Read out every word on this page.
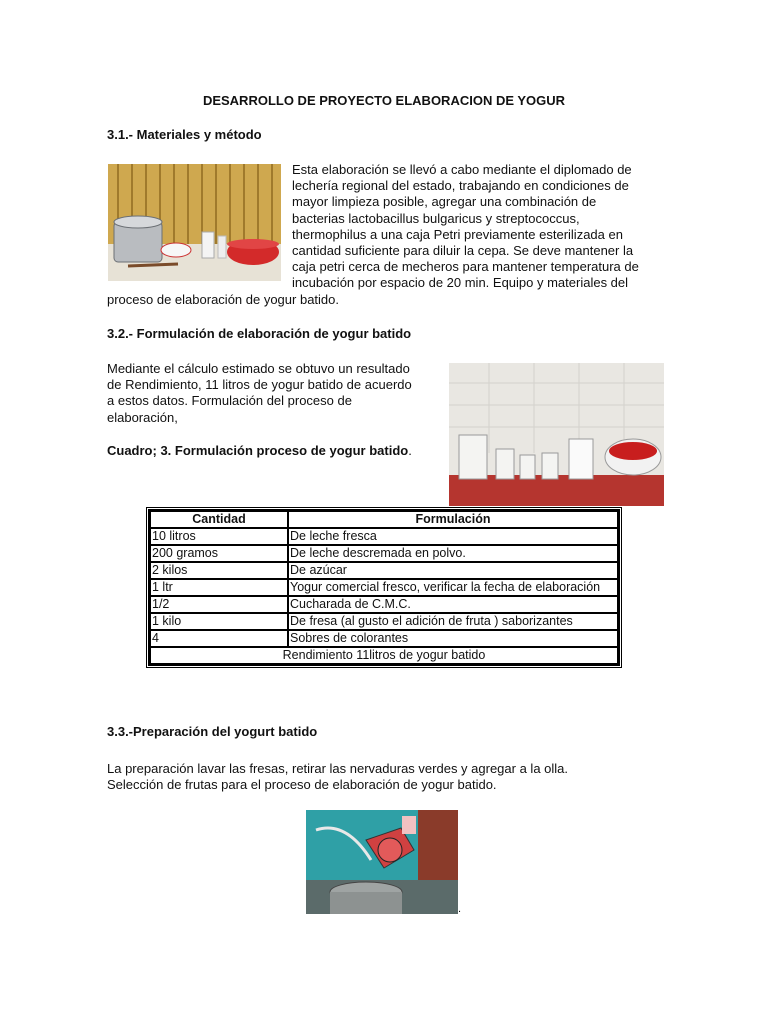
DESARROLLO DE PROYECTO ELABORACION DE YOGUR
3.1.- Materiales y método
Esta elaboración se llevó a cabo mediante el diplomado de
lechería regional del estado, trabajando en condiciones de
mayor limpieza posible, agregar una combinación de
bacterias lactobacillus bulgaricus y streptococcus,
thermophilus a una caja Petri previamente esterilizada en
cantidad suficiente para diluir la cepa. Se deve mantener la
caja petri cerca de mecheros para mantener temperatura de
incubación por espacio de 20 min. Equipo y materiales del
proceso de elaboración de yogur batido.
3.2.- Formulación de elaboración de yogur batido
Mediante el cálculo estimado se obtuvo un resultado
de Rendimiento, 11 litros de yogur batido de acuerdo
a estos datos. Formulación del proceso de
elaboración,
Cuadro; 3. Formulación proceso de yogur batido.
Cantidad	Formulación
10 litros	De leche fresca
200 gramos	De leche descremada en polvo.
2 kilos	De azúcar
1 ltr	Yogur comercial fresco, verificar la fecha de elaboración
1/2	Cucharada de C.M.C.
1 kilo	De fresa (al gusto el adición de fruta ) saborizantes
4	Sobres de colorantes
Rendimiento 11litros de yogur batido	
3.3.-Preparación del yogurt batido
La preparación lavar las fresas, retirar las nervaduras verdes y agregar a la olla.
Selección de frutas para el proceso de elaboración de yogur batido.
.
